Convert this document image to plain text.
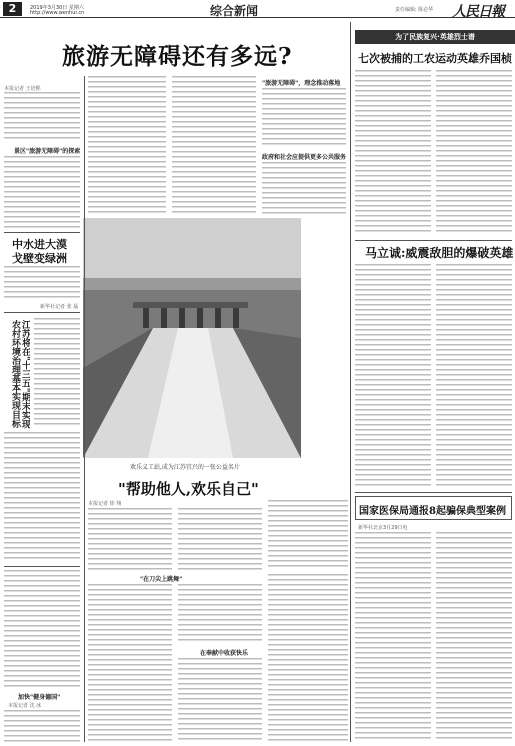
2	2019年3月30日 星期六
http://www.wenhui.cn	综合新闻	责任编辑: 陈必华 人民日報
旅游无障碍还有多远?
本报记者 王培熙
景区"旅游无障碍"的探索
"旅游无障碍"，理念推动落地
政府和社会应提供更多公共服务
中水进大漠
戈壁变绿洲
新华社记者 张 磊
江苏将在"十三五"期末实现农村环境治理基本实现目标
欢乐义工站,成为江苏宜兴的一张公益名片
"帮助他人,欢乐自己"
本报记者 徐 翔
"在刀尖上跳舞"
在奉献中收获快乐
加快"健身德国"
本报记者 沈 冰
为了民族复兴·英雄烈士谱
七次被捕的工农运动英雄乔国桢
马立诚:威震敌胆的爆破英雄
国家医保局通报8起骗保典型案例
新华社北京3月29日电
